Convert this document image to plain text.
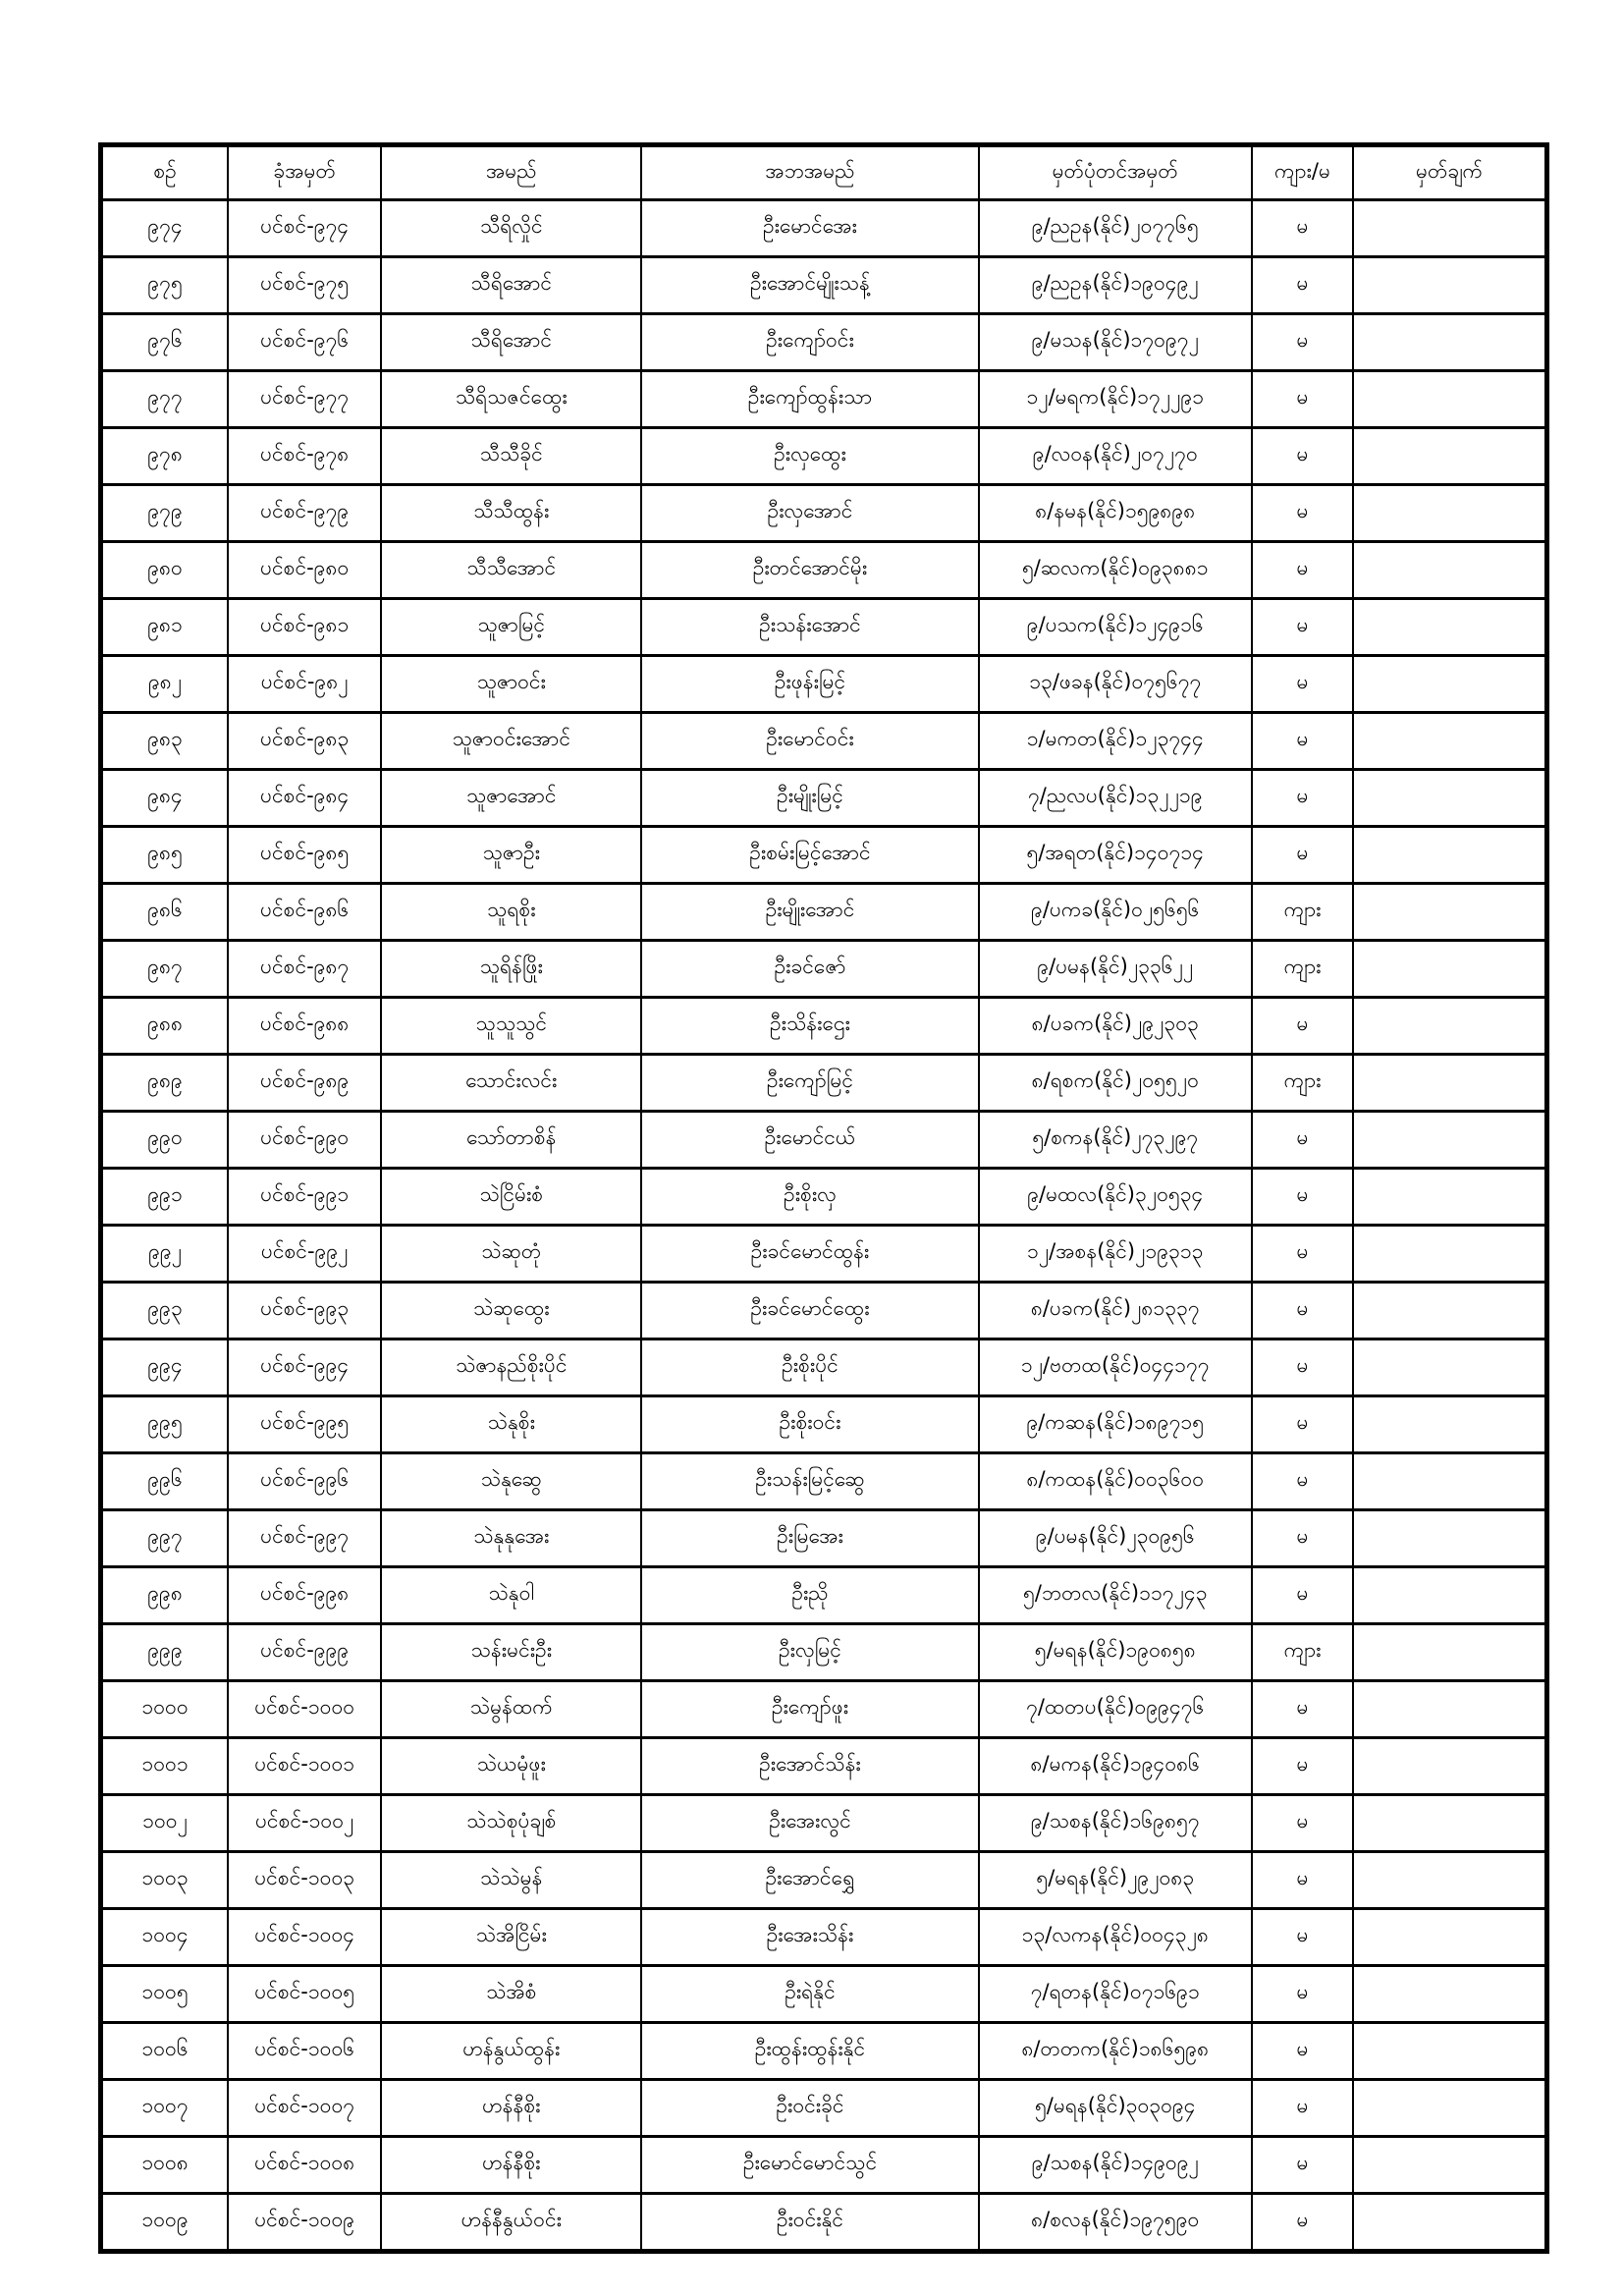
စဉ်	ခုံအမှတ်	အမည်	အဘအမည်	မှတ်ပုံတင်အမှတ်	ကျား/မ	မှတ်ချက်
၉၇၄	ပင်စင်-၉၇၄	သီရိလှိုင်	ဦးမောင်အေး	၉/ညဥန(နိုင်)၂၀၇၇၆၅	မ	
၉၇၅	ပင်စင်-၉၇၅	သီရိအောင်	ဦးအောင်မျိုးသန့်	၉/ညဥန(နိုင်)၁၉၀၄၉၂	မ	
၉၇၆	ပင်စင်-၉၇၆	သီရိအောင်	ဦးကျော်ဝင်း	၉/မသန(နိုင်)၁၇၀၉၇၂	မ	
၉၇၇	ပင်စင်-၉၇၇	သီရိသဇင်ထွေး	ဦးကျော်ထွန်းသာ	၁၂/မရက(နိုင်)၁၇၂၂၉၁	မ	
၉၇၈	ပင်စင်-၉၇၈	သီသီခိုင်	ဦးလှထွေး	၉/လဝန(နိုင်)၂၀၇၂၇၀	မ	
၉၇၉	ပင်စင်-၉၇၉	သီသီထွန်း	ဦးလှအောင်	၈/နမန(နိုင်)၁၅၉၈၉၈	မ	
၉၈၀	ပင်စင်-၉၈၀	သီသီအောင်	ဦးတင်အောင်မိုး	၅/ဆလက(နိုင်)၀၉၃၈၈၁	မ	
၉၈၁	ပင်စင်-၉၈၁	သူဇာမြင့်	ဦးသန်းအောင်	၉/ပသက(နိုင်)၁၂၄၉၁၆	မ	
၉၈၂	ပင်စင်-၉၈၂	သူဇာဝင်း	ဦးဖုန်းမြင့်	၁၃/ဖခန(နိုင်)၀၇၅၆၇၇	မ	
၉၈၃	ပင်စင်-၉၈၃	သူဇာဝင်းအောင်	ဦးမောင်ဝင်း	၁/မကတ(နိုင်)၁၂၃၇၄၄	မ	
၉၈၄	ပင်စင်-၉၈၄	သူဇာအောင်	ဦးမျိုးမြင့်	၇/ညလပ(နိုင်)၁၃၂၂၁၉	မ	
၉၈၅	ပင်စင်-၉၈၅	သူဇာဦး	ဦးစမ်းမြင့်အောင်	၅/အရတ(နိုင်)၁၄၀၇၁၄	မ	
၉၈၆	ပင်စင်-၉၈၆	သူရစိုး	ဦးမျိုးအောင်	၉/ပကခ(နိုင်)၀၂၅၆၅၆	ကျား	
၉၈၇	ပင်စင်-၉၈၇	သူရိန်ဖြိုး	ဦးခင်ဇော်	၉/ပမန(နိုင်)၂၃၃၆၂၂	ကျား	
၉၈၈	ပင်စင်-၉၈၈	သူသူသွင်	ဦးသိန်းဌေး	၈/ပခက(နိုင်)၂၉၂၃၀၃	မ	
၉၈၉	ပင်စင်-၉၈၉	သောင်းလင်း	ဦးကျော်မြင့်	၈/ရစက(နိုင်)၂၀၅၅၂၀	ကျား	
၉၉၀	ပင်စင်-၉၉၀	သော်တာစိန်	ဦးမောင်ငယ်	၅/စကန(နိုင်)၂၇၃၂၉၇	မ	
၉၉၁	ပင်စင်-၉၉၁	သဲငြိမ်းစံ	ဦးစိုးလှ	၉/မထလ(နိုင်)၃၂၀၅၃၄	မ	
၉၉၂	ပင်စင်-၉၉၂	သဲဆုတုံ	ဦးခင်မောင်ထွန်း	၁၂/အစန(နိုင်)၂၁၉၃၁၃	မ	
၉၉၃	ပင်စင်-၉၉၃	သဲဆုထွေး	ဦးခင်မောင်ထွေး	၈/ပခက(နိုင်)၂၈၁၃၃၇	မ	
၉၉၄	ပင်စင်-၉၉၄	သဲဇာနည်စိုးပိုင်	ဦးစိုးပိုင်	၁၂/ဗတထ(နိုင်)၀၄၄၁၇၇	မ	
၉၉၅	ပင်စင်-၉၉၅	သဲနုစိုး	ဦးစိုးဝင်း	၉/ကဆန(နိုင်)၁၈၉၇၁၅	မ	
၉၉၆	ပင်စင်-၉၉၆	သဲနုဆွေ	ဦးသန်းမြင့်ဆွေ	၈/ကထန(နိုင်)၀၀၃၆၀၀	မ	
၉၉၇	ပင်စင်-၉၉၇	သဲနုနုအေး	ဦးမြအေး	၉/ပမန(နိုင်)၂၃၀၉၅၆	မ	
၉၉၈	ပင်စင်-၉၉၈	သဲနုဝါ	ဦးညို	၅/ဘတလ(နိုင်)၁၁၇၂၄၃	မ	
၉၉၉	ပင်စင်-၉၉၉	သန်းမင်းဦး	ဦးလှမြင့်	၅/မရန(နိုင်)၁၉၀၈၅၈	ကျား	
၁၀၀၀	ပင်စင်-၁၀၀၀	သဲမွန်ထက်	ဦးကျော်ဖူး	၇/ထတပ(နိုင်)၀၉၉၄၇၆	မ	
၁၀၀၁	ပင်စင်-၁၀၀၁	သဲယမုံဖူး	ဦးအောင်သိန်း	၈/မကန(နိုင်)၁၉၄၀၈၆	မ	
၁၀၀၂	ပင်စင်-၁၀၀၂	သဲသဲစုပုံချစ်	ဦးအေးလွင်	၉/သစန(နိုင်)၁၆၉၈၅၇	မ	
၁၀၀၃	ပင်စင်-၁၀၀၃	သဲသဲမွန်	ဦးအောင်ရွှေ	၅/မရန(နိုင်)၂၉၂၀၈၃	မ	
၁၀၀၄	ပင်စင်-၁၀၀၄	သဲအိငြိမ်း	ဦးအေးသိန်း	၁၃/လကန(နိုင်)၀၀၄၃၂၈	မ	
၁၀၀၅	ပင်စင်-၁၀၀၅	သဲအိစံ	ဦးရဲနိုင်	၇/ရတန(နိုင်)၀၇၁၆၉၁	မ	
၁၀၀၆	ပင်စင်-၁၀၀၆	ဟန်နွယ်ထွန်း	ဦးထွန်းထွန်းနိုင်	၈/တတက(နိုင်)၁၈၆၅၉၈	မ	
၁၀၀၇	ပင်စင်-၁၀၀၇	ဟန်နီစိုး	ဦးဝင်းခိုင်	၅/မရန(နိုင်)၃၀၃၀၉၄	မ	
၁၀၀၈	ပင်စင်-၁၀၀၈	ဟန်နီစိုး	ဦးမောင်မောင်သွင်	၉/သစန(နိုင်)၁၄၉၀၉၂	မ	
၁၀၀၉	ပင်စင်-၁၀၀၉	ဟန်နီနွယ်ဝင်း	ဦးဝင်းနိုင်	၈/စလန(နိုင်)၁၉၇၅၉၀	မ	
